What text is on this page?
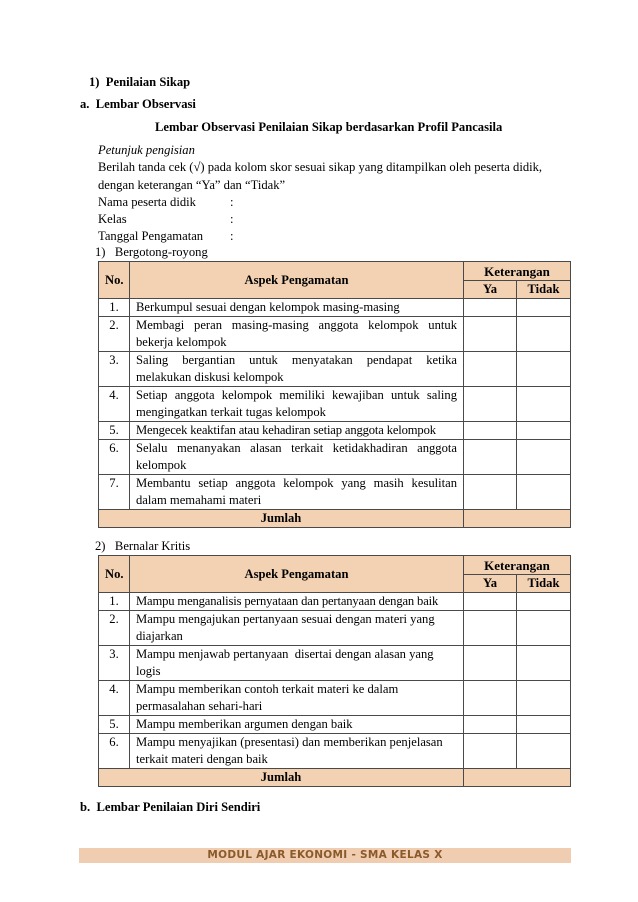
1)  Penilaian Sikap
a.  Lembar Observasi
Lembar Observasi Penilaian Sikap berdasarkan Profil Pancasila
Petunjuk pengisian
Berilah tanda cek (√) pada kolom skor sesuai sikap yang ditampilkan oleh peserta didik,
dengan keterangan “Ya” dan “Tidak”
Nama peserta didik	:
Kelas	:
Tanggal Pengamatan :
1)   Bergotong-royong
No.	Aspek Pengamatan	Keterangan	
		Ya	Tidak
1.	Berkumpul sesuai dengan kelompok masing-masing		
2.	Membagi peran masing-masing anggota kelompok untuk
bekerja kelompok		

3.	Saling bergantian untuk menyatakan pendapat ketika
melakukan diskusi kelompok		

4.	Setiap anggota kelompok memiliki kewajiban untuk saling
mengingatkan terkait tugas kelompok		

5.	Mengecek keaktifan atau kehadiran setiap anggota kelompok		
6.	Selalu menanyakan alasan terkait ketidakhadiran anggota
kelompok		

7.	Membantu setiap anggota kelompok yang masih kesulitan
dalam memahami materi		

Jumlah			
2)   Bernalar Kritis
No.	Aspek Pengamatan	Keterangan	
		Ya	Tidak
1.	Mampu menganalisis pernyataan dan pertanyaan dengan baik		
2.	Mampu mengajukan pertanyaan sesuai dengan materi yang
diajarkan		

3.	Mampu menjawab pertanyaan  disertai dengan alasan yang
logis		

4.	Mampu memberikan contoh terkait materi ke dalam
permasalahan sehari-hari		

5.	Mampu memberikan argumen dengan baik		
6.	Mampu menyajikan (presentasi) dan memberikan penjelasan
terkait materi dengan baik		

Jumlah			
b.  Lembar Penilaian Diri Sendiri
MODUL AJAR EKONOMI - SMA KELAS X
